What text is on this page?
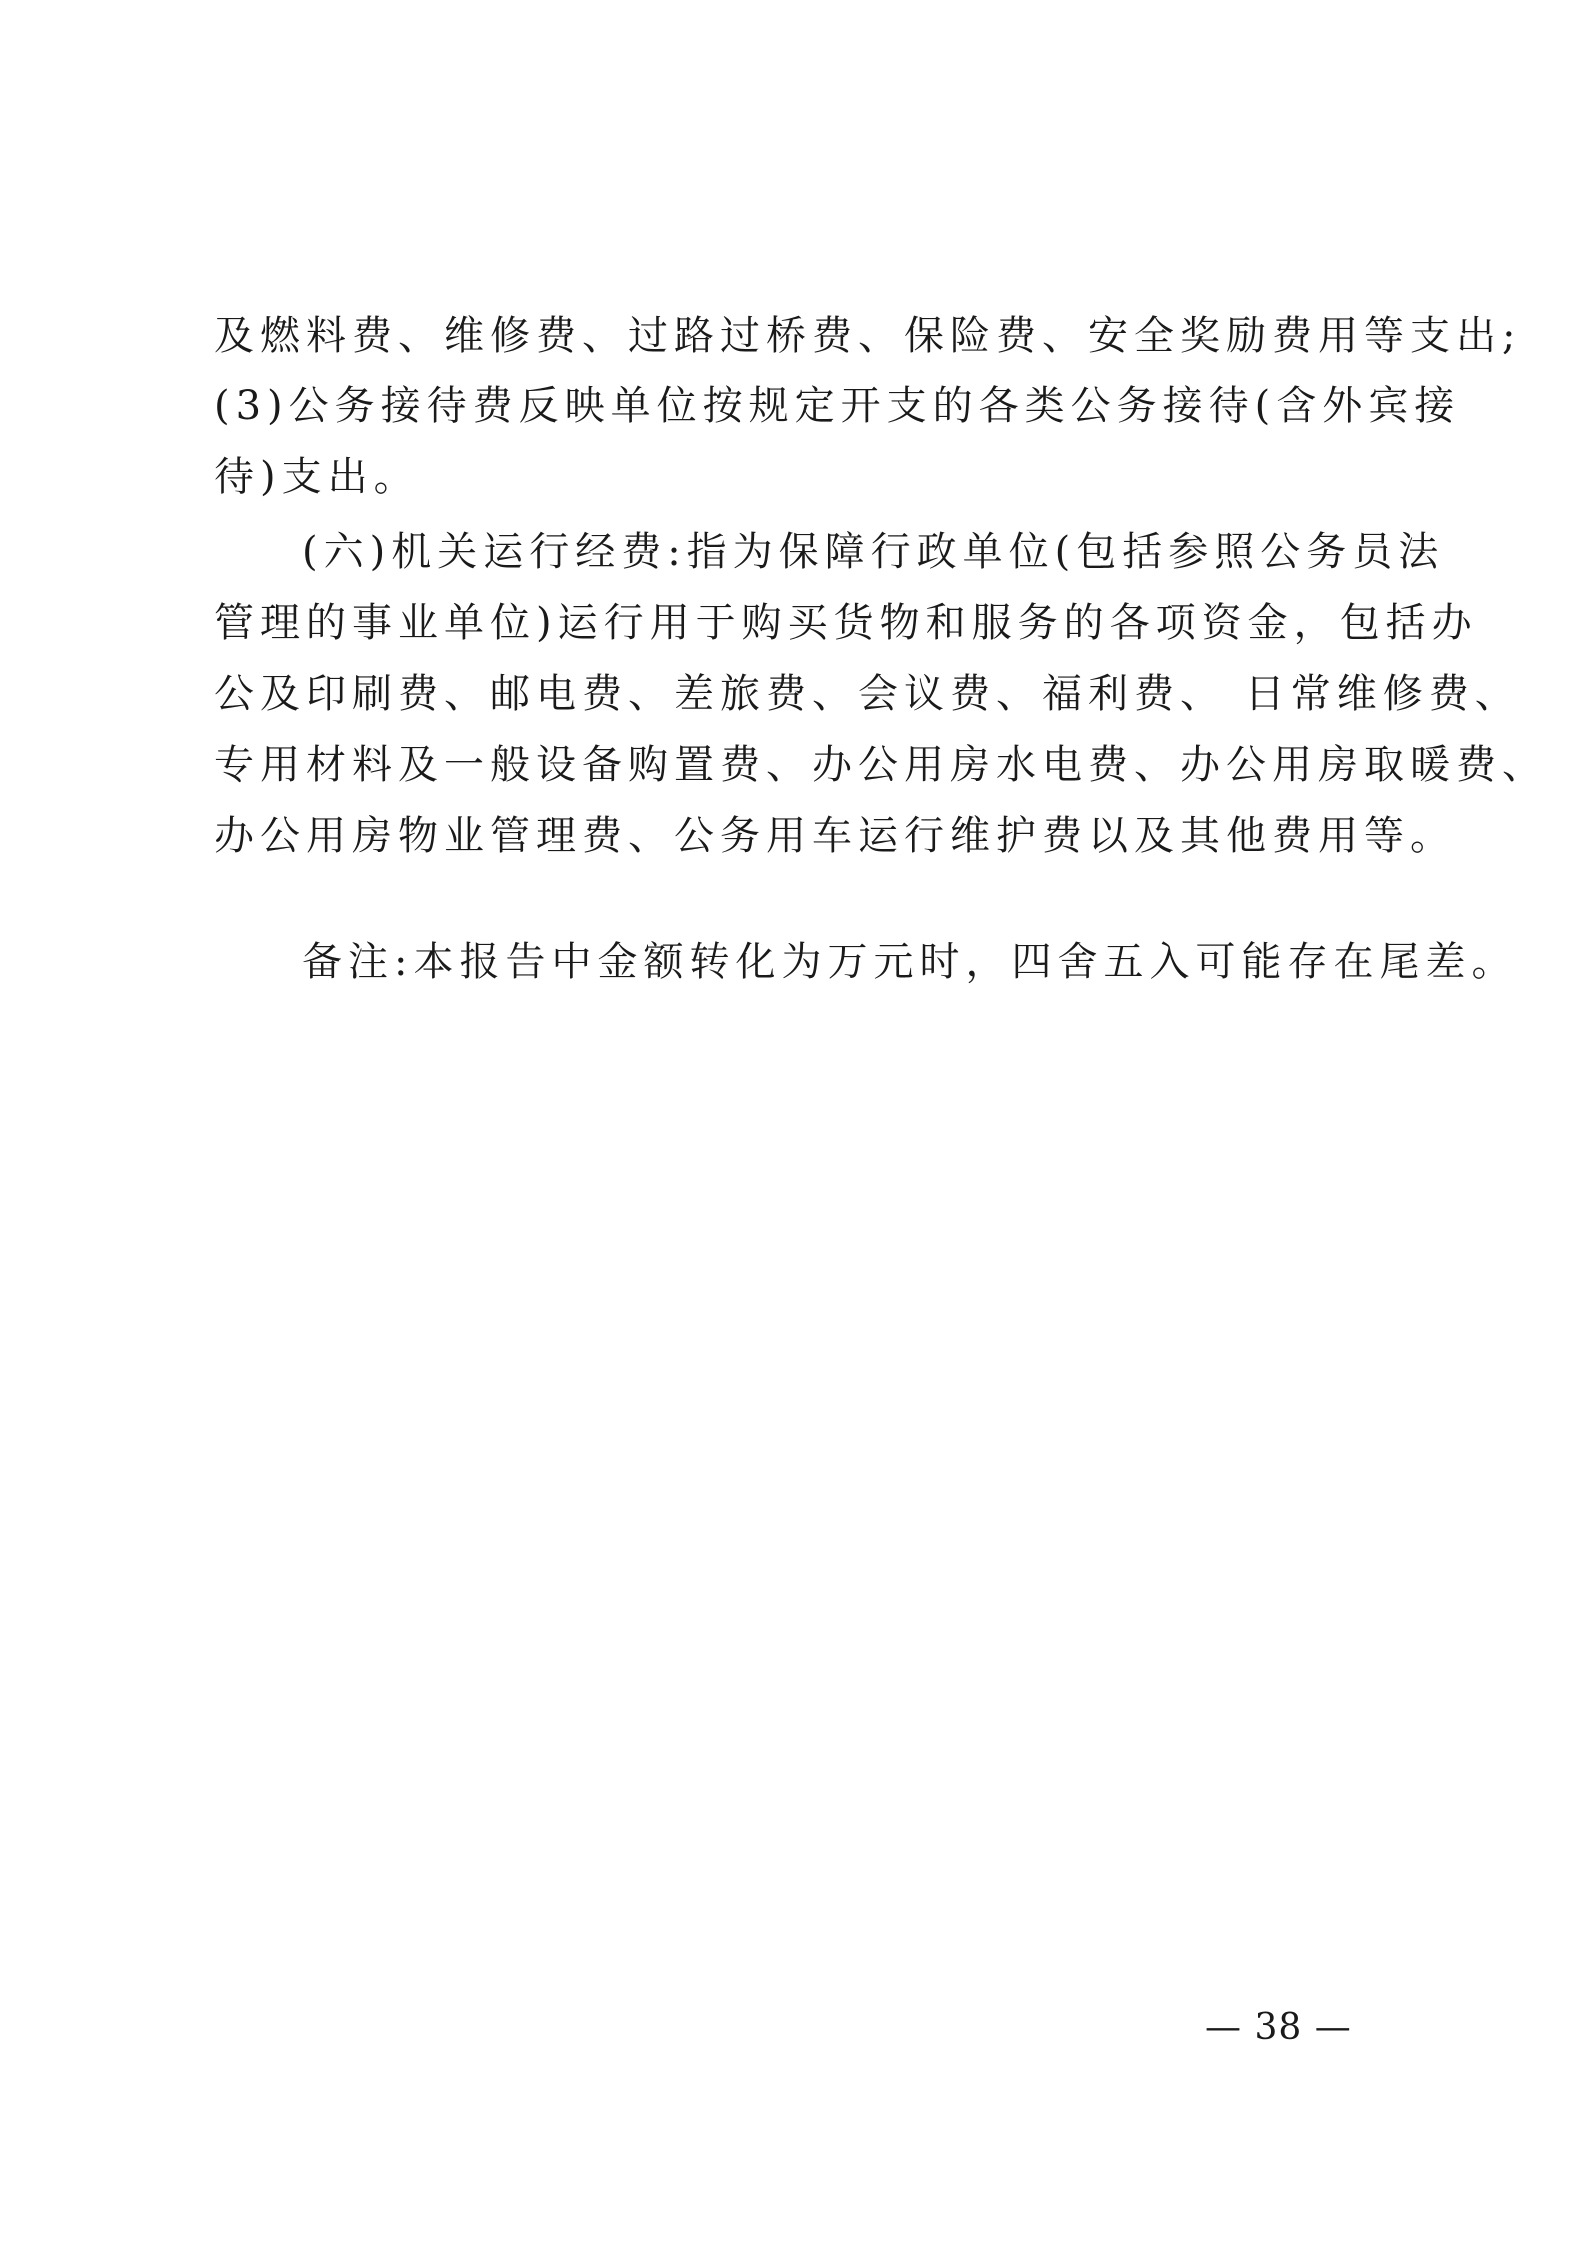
及燃料费、维修费、过路过桥费、保险费、安全奖励费用等支出;
(3)公务接待费反映单位按规定开支的各类公务接待(含外宾接
待)支出。
(六)机关运行经费:指为保障行政单位(包括参照公务员法
管理的事业单位)运行用于购买货物和服务的各项资金，包括办
公及印刷费、邮电费、差旅费、会议费、福利费、 日常维修费、
专用材料及一般设备购置费、办公用房水电费、办公用房取暖费、
办公用房物业管理费、公务用车运行维护费以及其他费用等。
备注:本报告中金额转化为万元时，四舍五入可能存在尾差。
— 38 —
